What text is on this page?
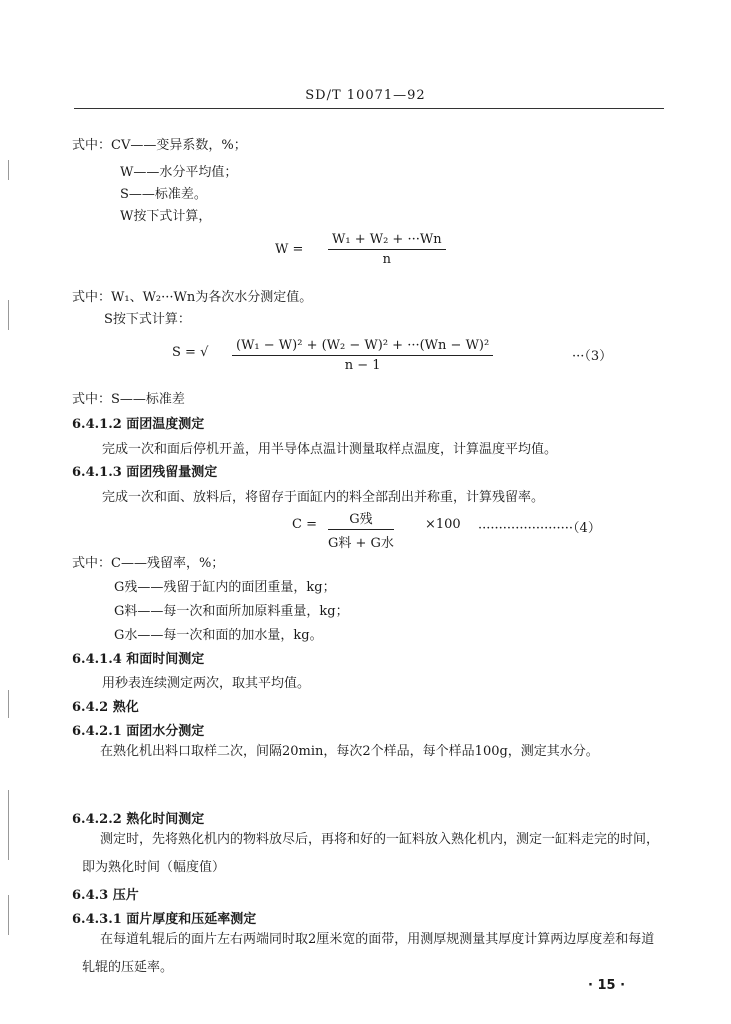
SD/T 10071—92
式中：CV——变异系数，%；
W——水分平均值；
S——标准差。
W按下式计算，
$W = \frac{\text{W₁ + W₂ + ···Wn}}{n}$
式中：W₁、W₂···Wn为各次水分测定值。
S按下式计算：
S = √ $\frac{\text{(W₁ − W)² + (W₂ − W)² + ···(Wn − W)²}}{n - 1}$	···（3）
式中：S——标准差
6.4.1.2 面团温度测定
完成一次和面后停机开盖，用半导体点温计测量取样点温度，计算温度平均值。
6.4.1.3 面团残留量测定
完成一次和面、放料后，将留存于面缸内的料全部刮出并称重，计算残留率。
C =	G残
G料 + G水
×100 ·······················（4）
式中：C——残留率，%；
G残——残留于缸内的面团重量，kg；
G料——每一次和面所加原料重量，kg；
G水——每一次和面的加水量，kg。
6.4.1.4 和面时间测定
用秒表连续测定两次，取其平均值。
6.4.2 熟化
6.4.2.1 面团水分测定
在熟化机出料口取样二次，间隔20min，每次2个样品，每个样品100g，测定其水分。
6.4.2.2 熟化时间测定
测定时，先将熟化机内的物料放尽后，再将和好的一缸料放入熟化机内，测定一缸料走完的时间，即为熟化时间（幅度值）
6.4.3 压片
6.4.3.1 面片厚度和压延率测定
在每道轧辊后的面片左右两端同时取2厘米宽的面带，用测厚规测量其厚度计算两边厚度差和每道轧辊的压延率。
· 15 ·
